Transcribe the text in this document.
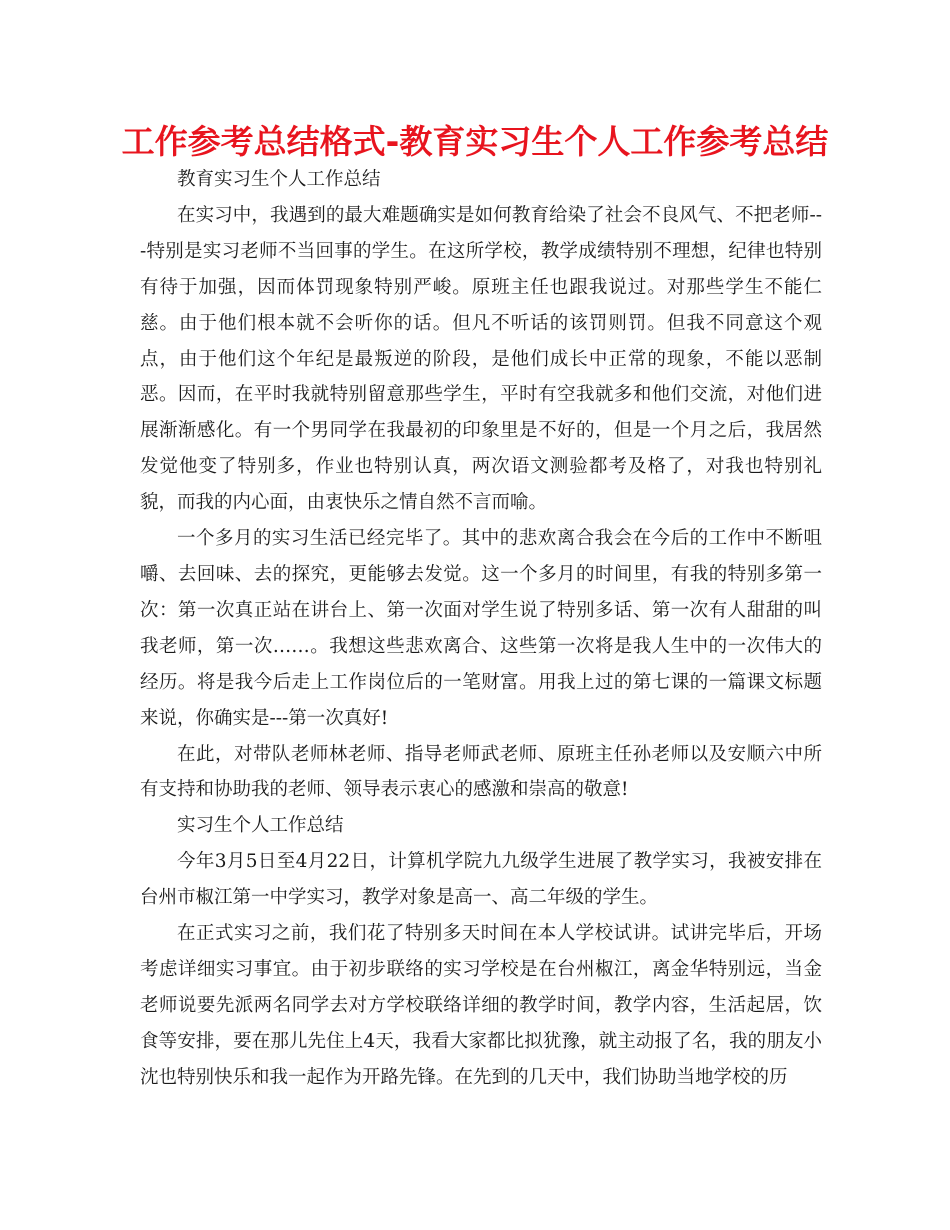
工作参考总结格式-教育实习生个人工作参考总结

教育实习生个人工作总结

在实习中，我遇到的最大难题确实是如何教育给染了社会不良风气、不把老师---特别是实习老师不当回事的学生。在这所学校，教学成绩特别不理想，纪律也特别有待于加强，因而体罚现象特别严峻。原班主任也跟我说过。对那些学生不能仁慈。由于他们根本就不会听你的话。但凡不听话的该罚则罚。但我不同意这个观点，由于他们这个年纪是最叛逆的阶段，是他们成长中正常的现象，不能以恶制恶。因而，在平时我就特别留意那些学生，平时有空我就多和他们交流，对他们进展渐渐感化。有一个男同学在我最初的印象里是不好的，但是一个月之后，我居然发觉他变了特别多，作业也特别认真，两次语文测验都考及格了，对我也特别礼貌，而我的内心面，由衷快乐之情自然不言而喻。

一个多月的实习生活已经完毕了。其中的悲欢离合我会在今后的工作中不断咀嚼、去回味、去的探究，更能够去发觉。这一个多月的时间里，有我的特别多第一次：第一次真正站在讲台上、第一次面对学生说了特别多话、第一次有人甜甜的叫我老师，第一次……。我想这些悲欢离合、这些第一次将是我人生中的一次伟大的经历。将是我今后走上工作岗位后的一笔财富。用我上过的第七课的一篇课文标题来说，你确实是---第一次真好!

在此，对带队老师林老师、指导老师武老师、原班主任孙老师以及安顺六中所有支持和协助我的老师、领导表示衷心的感激和崇高的敬意!

实习生个人工作总结

今年3月5日至4月22日，计算机学院九九级学生进展了教学实习，我被安排在台州市椒江第一中学实习，教学对象是高一、高二年级的学生。

在正式实习之前，我们花了特别多天时间在本人学校试讲。试讲完毕后，开场考虑详细实习事宜。由于初步联络的实习学校是在台州椒江，离金华特别远，当金老师说要先派两名同学去对方学校联络详细的教学时间，教学内容，生活起居，饮食等安排，要在那儿先住上4天，我看大家都比拟犹豫，就主动报了名，我的朋友小沈也特别快乐和我一起作为开路先锋。在先到的几天中，我们协助当地学校的历
